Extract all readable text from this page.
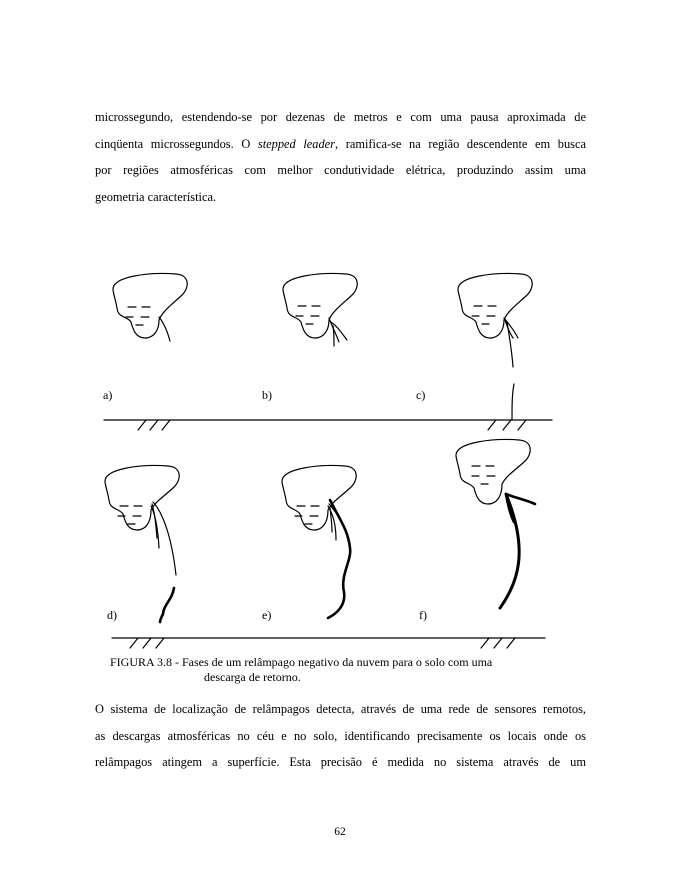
microssegundo, estendendo-se por dezenas de metros e com uma pausa aproximada de
cinqüenta microssegundos. O stepped leader, ramifica-se na região descendente em busca
por regiões atmosféricas com melhor condutividade elétrica, produzindo assim uma
geometria característica.
a)	b)	c)
d)	e)	f)
FIGURA 3.8 - Fases de um relâmpago negativo da nuvem para o solo com uma
descarga de retorno.
O sistema de localização de relâmpagos detecta, através de uma rede de sensores remotos,
as descargas atmosféricas no céu e no solo, identificando precisamente os locais onde os
relâmpagos atingem a superfície. Esta precisão é medida no sistema através de um
62
